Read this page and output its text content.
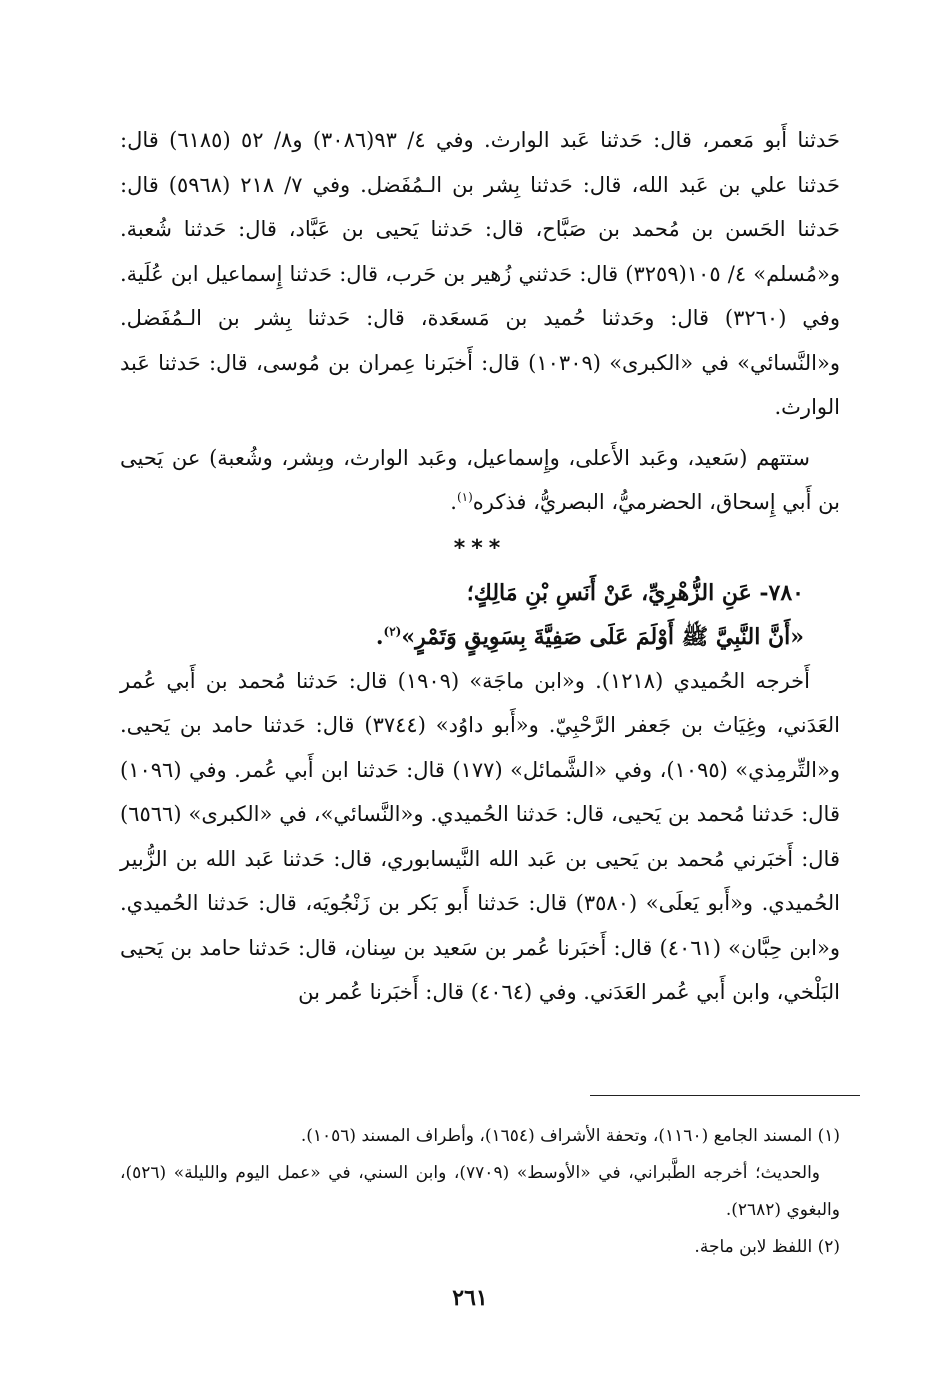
حَدثنا أَبو مَعمر، قال: حَدثنا عَبد الوارث. وفي ٤/ ٩٣(٣٠٨٦) و٨/ ٥٢ (٦١٨٥) قال: حَدثنا علي بن عَبد الله، قال: حَدثنا بِشر بن الـمُفَضل. وفي ٧/ ٢١٨ (٥٩٦٨) قال: حَدثنا الحَسن بن مُحمد بن صَبَّاح، قال: حَدثنا يَحيى بن عَبَّاد، قال: حَدثنا شُعبة. و«مُسلم» ٤/ ١٠٥(٣٢٥٩) قال: حَدثني زُهير بن حَرب، قال: حَدثنا إِسماعيل ابن عُلَية. وفي (٣٢٦٠) قال: وحَدثنا حُميد بن مَسعَدة، قال: حَدثنا بِشر بن الـمُفَضل. و«النَّسائي» في «الكبرى» (١٠٣٠٩) قال: أَخبَرنا عِمران بن مُوسى، قال: حَدثنا عَبد الوارث.

ستتهم (سَعيد، وعَبد الأَعلى، وإِسماعيل، وعَبد الوارث، وبِشر، وشُعبة) عن يَحيى بن أَبي إِسحاق، الحضرميُّ، البصريُّ، فذكره$^{(١)}$.

***

٧٨٠- عَنِ الزُّهْرِيِّ، عَنْ أَنَسِ بْنِ مَالِكٍ؛

«أَنَّ النَّبِيَّ ﷺ أَوْلَمَ عَلَى صَفِيَّةَ بِسَوِيقٍ وَتَمْرٍ»$^{(٢)}$.

أَخرجه الحُميدي (١٢١٨). و«ابن ماجَة» (١٩٠٩) قال: حَدثنا مُحمد بن أَبي عُمر العَدَني، وغِيَاث بن جَعفر الرَّحْبِيّ. و«أَبو داوُد» (٣٧٤٤) قال: حَدثنا حامد بن يَحيى. و«التِّرمِذي» (١٠٩٥)، وفي «الشَّمائل» (١٧٧) قال: حَدثنا ابن أَبي عُمر. وفي (١٠٩٦) قال: حَدثنا مُحمد بن يَحيى، قال: حَدثنا الحُميدي. و«النَّسائي»، في «الكبرى» (٦٥٦٦) قال: أَخبَرني مُحمد بن يَحيى بن عَبد الله النَّيسابوري، قال: حَدثنا عَبد الله بن الزُّبير الحُميدي. و«أَبو يَعلَى» (٣٥٨٠) قال: حَدثنا أَبو بَكر بن زَنْجُويَه، قال: حَدثنا الحُميدي. و«ابن حِبَّان» (٤٠٦١) قال: أَخبَرنا عُمر بن سَعيد بن سِنان، قال: حَدثنا حامد بن يَحيى البَلْخي، وابن أَبي عُمر العَدَني. وفي (٤٠٦٤) قال: أَخبَرنا عُمر بن

(١) المسند الجامع (١١٦٠)، وتحفة الأشراف (١٦٥٤)، وأطراف المسند (١٠٥٦).

والحديث؛ أخرجه الطَّبراني، في «الأوسط» (٧٧٠٩)، وابن السني، في «عمل اليوم والليلة» (٥٢٦)، والبغوي (٢٦٨٢).

(٢) اللفظ لابن ماجة.

٢٦١
